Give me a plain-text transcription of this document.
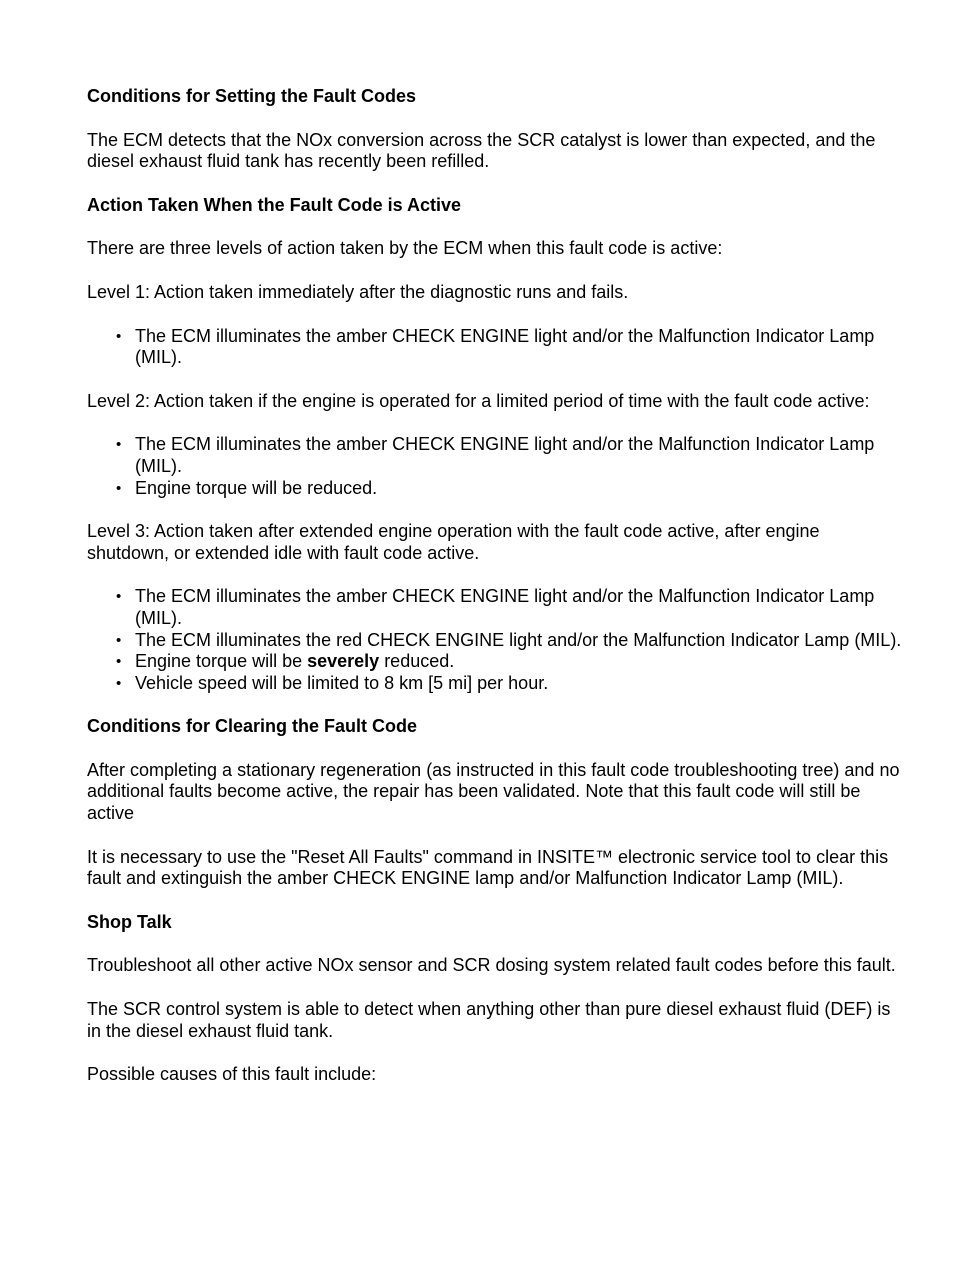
Conditions for Setting the Fault Codes

The ECM detects that the NOx conversion across the SCR catalyst is lower than expected, and the diesel exhaust fluid tank has recently been refilled.

Action Taken When the Fault Code is Active

There are three levels of action taken by the ECM when this fault code is active:

Level 1: Action taken immediately after the diagnostic runs and fails.

• The ECM illuminates the amber CHECK ENGINE light and/or the Malfunction Indicator Lamp (MIL).

Level 2: Action taken if the engine is operated for a limited period of time with the fault code active:

• The ECM illuminates the amber CHECK ENGINE light and/or the Malfunction Indicator Lamp (MIL).
• Engine torque will be reduced.

Level 3: Action taken after extended engine operation with the fault code active, after engine shutdown, or extended idle with fault code active.

• The ECM illuminates the amber CHECK ENGINE light and/or the Malfunction Indicator Lamp (MIL).
• The ECM illuminates the red CHECK ENGINE light and/or the Malfunction Indicator Lamp (MIL).
• Engine torque will be severely reduced.
• Vehicle speed will be limited to 8 km [5 mi] per hour.
Conditions for Clearing the Fault Code

After completing a stationary regeneration (as instructed in this fault code troubleshooting tree) and no additional faults become active, the repair has been validated. Note that this fault code will still be active

It is necessary to use the "Reset All Faults" command in INSITE™ electronic service tool to clear this fault and extinguish the amber CHECK ENGINE lamp and/or Malfunction Indicator Lamp (MIL).

Shop Talk

Troubleshoot all other active NOx sensor and SCR dosing system related fault codes before this fault.

The SCR control system is able to detect when anything other than pure diesel exhaust fluid (DEF) is in the diesel exhaust fluid tank.

Possible causes of this fault include:
